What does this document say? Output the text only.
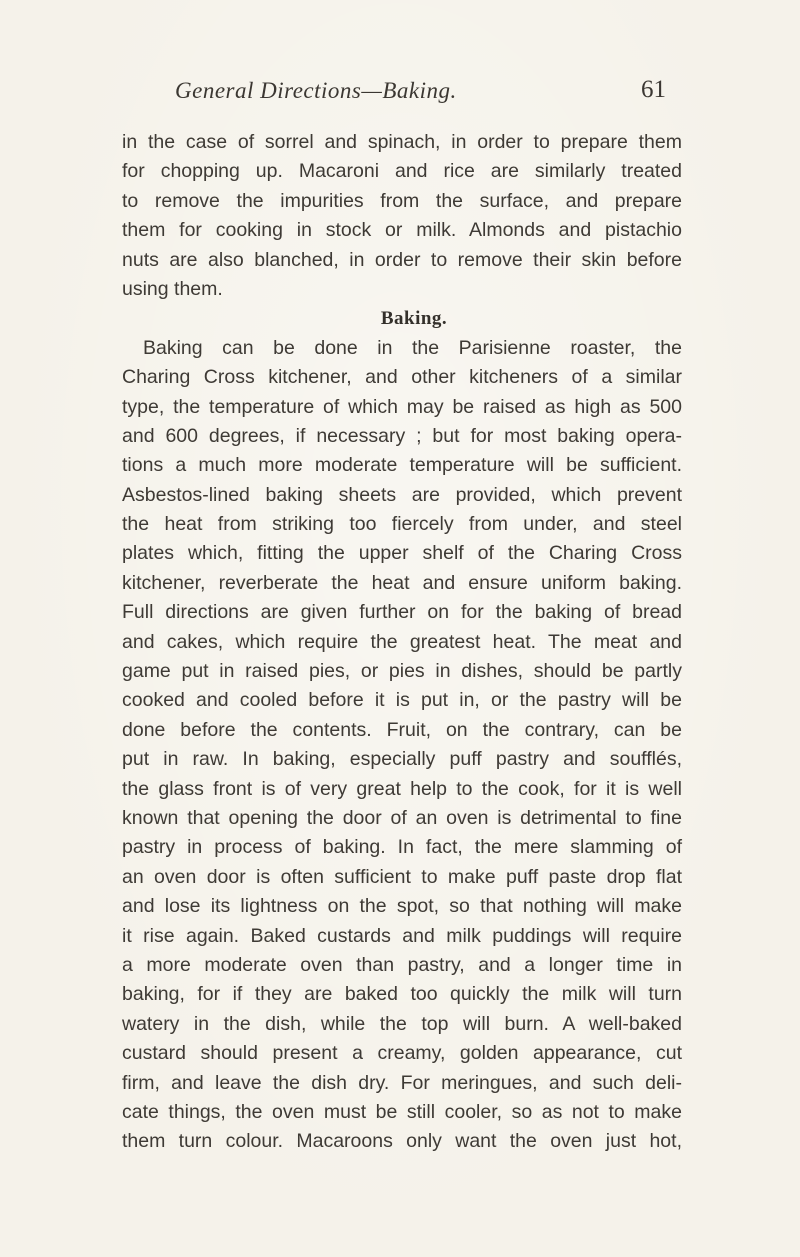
General Directions—Baking.	61
in the case of sorrel and spinach, in order to prepare them
for chopping up. Macaroni and rice are similarly treated
to remove the impurities from the surface, and prepare
them for cooking in stock or milk. Almonds and pistachio
nuts are also blanched, in order to remove their skin before
using them.
Baking.
Baking can be done in the Parisienne roaster, the
Charing Cross kitchener, and other kitcheners of a similar
type, the temperature of which may be raised as high as 500
and 600 degrees, if necessary ; but for most baking opera-
tions a much more moderate temperature will be sufficient.
Asbestos-lined baking sheets are provided, which prevent
the heat from striking too fiercely from under, and steel
plates which, fitting the upper shelf of the Charing Cross
kitchener, reverberate the heat and ensure uniform baking.
Full directions are given further on for the baking of bread
and cakes, which require the greatest heat. The meat and
game put in raised pies, or pies in dishes, should be partly
cooked and cooled before it is put in, or the pastry will be
done before the contents. Fruit, on the contrary, can be
put in raw. In baking, especially puff pastry and soufflés,
the glass front is of very great help to the cook, for it is well
known that opening the door of an oven is detrimental to fine
pastry in process of baking. In fact, the mere slamming of
an oven door is often sufficient to make puff paste drop flat
and lose its lightness on the spot, so that nothing will make
it rise again. Baked custards and milk puddings will require
a more moderate oven than pastry, and a longer time in
baking, for if they are baked too quickly the milk will turn
watery in the dish, while the top will burn. A well-baked
custard should present a creamy, golden appearance, cut
firm, and leave the dish dry. For meringues, and such deli-
cate things, the oven must be still cooler, so as not to make
them turn colour. Macaroons only want the oven just hot,
